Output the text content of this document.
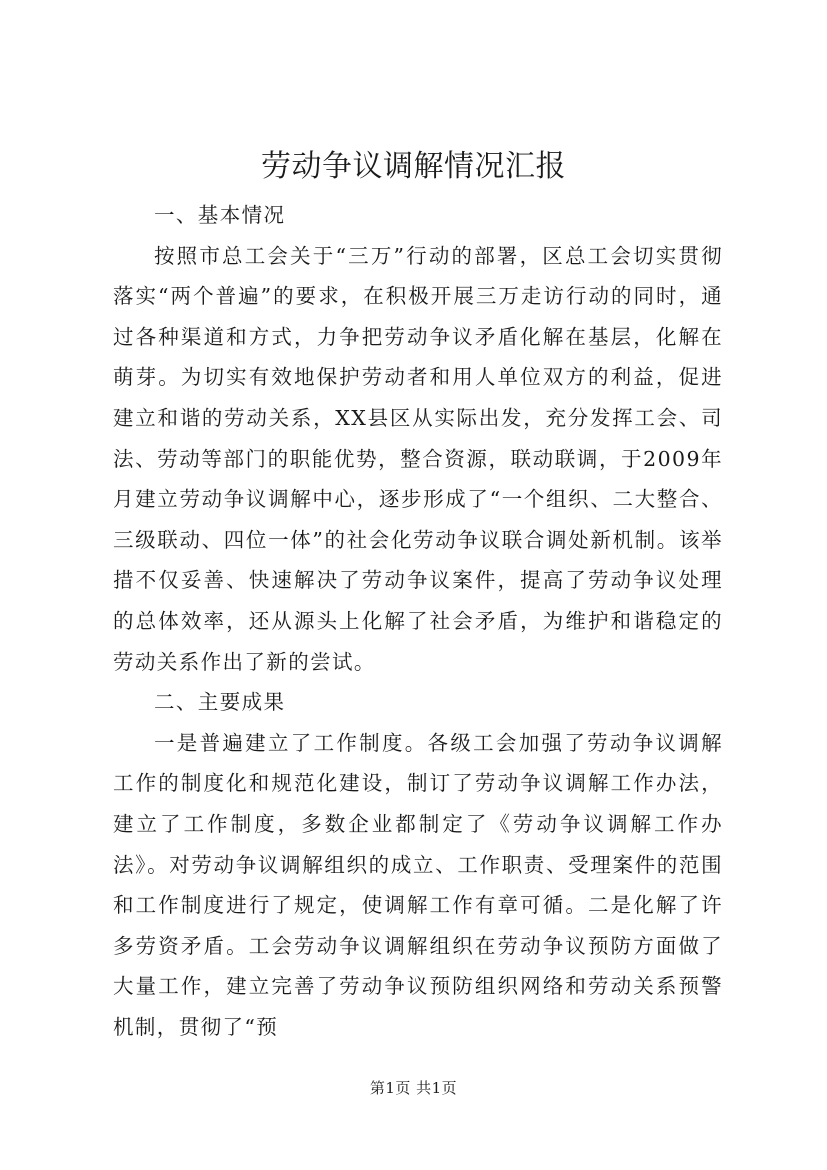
劳动争议调解情况汇报
一、基本情况

按照市总工会关于“三万”行动的部署，区总工会切实贯彻落实“两个普遍”的要求，在积极开展三万走访行动的同时，通过各种渠道和方式，力争把劳动争议矛盾化解在基层，化解在萌芽。为切实有效地保护劳动者和用人单位双方的利益，促进建立和谐的劳动关系，XX县区从实际出发，充分发挥工会、司法、劳动等部门的职能优势，整合资源，联动联调，于2009年月建立劳动争议调解中心，逐步形成了“一个组织、二大整合、三级联动、四位一体”的社会化劳动争议联合调处新机制。该举措不仅妥善、快速解决了劳动争议案件，提高了劳动争议处理的总体效率，还从源头上化解了社会矛盾，为维护和谐稳定的劳动关系作出了新的尝试。

二、主要成果

一是普遍建立了工作制度。各级工会加强了劳动争议调解工作的制度化和规范化建设，制订了劳动争议调解工作办法，建立了工作制度，多数企业都制定了《劳动争议调解工作办法》。对劳动争议调解组织的成立、工作职责、受理案件的范围和工作制度进行了规定，使调解工作有章可循。二是化解了许多劳资矛盾。工会劳动争议调解组织在劳动争议预防方面做了大量工作，建立完善了劳动争议预防组织网络和劳动关系预警机制，贯彻了“预

第1页 共1页
